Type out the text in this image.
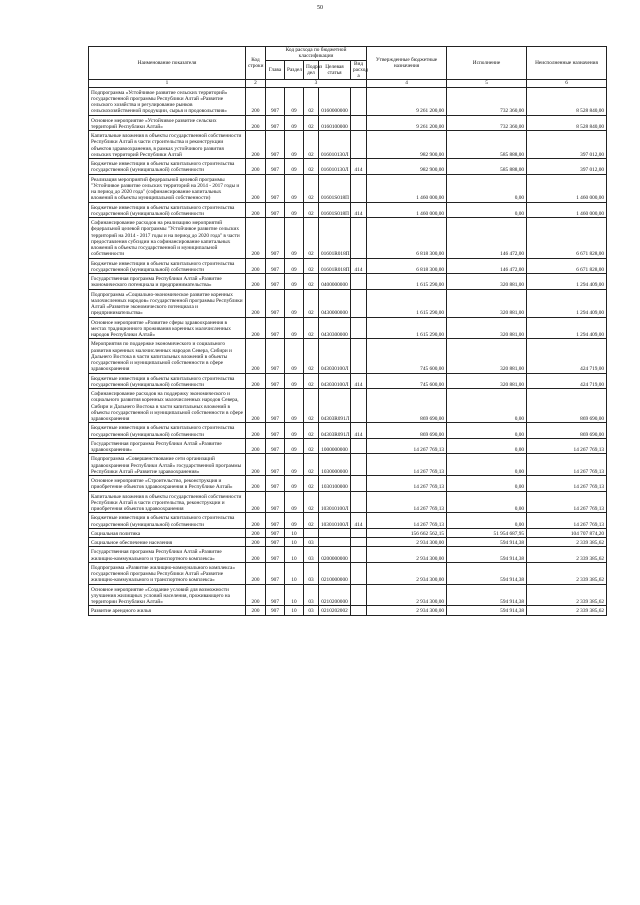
50
Наименование показателя	Код строки	Код расхода по бюджетной классификации					Утвержденные бюджетные назначения	Исполнение	Неисполненные назначения
		Глава	Раздел	Подраз дел	Целевая статья	Вид расход а			
1	2	3					4	5	6
Подпрограмма «Устойчивое развитие сельских территорий» государственной программы Республики Алтай «Развитие сельского хозяйства и регулирование рынков сельскохозяйственной продукции, сырья и продовольствия»	200	907	09	02	0160000000		9 261 200,00	732 360,00	8 528 840,00
Основное мероприятие «Устойчивое развитие сельских территорий Республики Алтай»	200	907	09	02	0160100000		9 261 200,00	732 360,00	8 528 840,00
Капитальные вложения в объекты государственной собственности Республики Алтай в части строительства и реконструкции объектов здравоохранения, в рамках устойчивого развития сельских территорий Республики Алтай	200	907	09	02	016010130Л		982 900,00	585 888,00	397 012,00
Бюджетные инвестиции в объекты капитального строительства государственной (муниципальной) собственности	200	907	09	02	016010130Л	414	982 900,00	585 888,00	397 012,00
Реализация мероприятий федеральной целевой программы "Устойчивое развитие сельских территорий на 2014 - 2017 годы и на период до 2020 года" (софинансирование капитальных вложений в объекты муниципальной собственности)	200	907	09	02	01601S018П		1 460 000,00	0,00	1 460 000,00
Бюджетные инвестиции в объекты капитального строительства государственной (муниципальной) собственности	200	907	09	02	01601S018П	414	1 460 000,00	0,00	1 460 000,00
Софинансирование расходов на реализацию мероприятий федеральной целевой программы "Устойчивое развитие сельских территорий на 2014 - 2017 годы и на период до 2020 года" в части предоставления субсидии на софинансирование капитальных вложений в объекты государственной и муниципальной собственности	200	907	09	02	01601R018П		6 818 300,00	146 472,00	6 671 828,00
Бюджетные инвестиции в объекты капитального строительства государственной (муниципальной) собственности	200	907	09	02	01601R018П	414	6 818 300,00	146 472,00	6 671 828,00
Государственная программа Республики Алтай «Развитие экономического потенциала и предпринимательства»	200	907	09	02	0400000000		1 615 290,00	320 881,00	1 294 409,00
Подпрограмма «Социально-экономическое развитие коренных малочисленных народов» государственной программы Республики Алтай «Развитие экономического потенциала и предпринимательства»	200	907	09	02	0430000000		1 615 290,00	320 881,00	1 294 409,00
Основное мероприятие «Развитие сферы здравоохранения в местах традиционного проживания коренных малочисленных народов Республики Алтай»	200	907	09	02	0430300000		1 615 290,00	320 881,00	1 294 409,00
Мероприятия по поддержке экономического и социального развития коренных малочисленных народов Севера, Сибири и Дальнего Востока в части капитальных вложений в объекты государственной и муниципальной собственности в сфере здравоохранения	200	907	09	02	043030100Л		745 600,00	320 881,00	424 719,00
Бюджетные инвестиции в объекты капитального строительства государственной (муниципальной) собственности	200	907	09	02	043030100Л	414	745 600,00	320 881,00	424 719,00
Софинансирование расходов на поддержку экономического и социального развития коренных малочисленных народов Севера, Сибири и Дальнего Востока в части капитальных вложений в объекты государственной и муниципальной собственности в сфере здравоохранения	200	907	09	02	04303R091Л		869 690,00	0,00	869 690,00
Бюджетные инвестиции в объекты капитального строительства государственной (муниципальной) собственности	200	907	09	02	04303R091Л	414	869 690,00	0,00	869 690,00
Государственная программа Республики Алтай «Развитие здравоохранения»	200	907	09	02	1000000000		14 267 769,13	0,00	14 267 769,13
Подпрограмма «Совершенствование сети организаций здравоохранения Республики Алтай» государственной программы Республики Алтай «Развитие здравоохранения»	200	907	09	02	1030000000		14 267 769,13	0,00	14 267 769,13
Основное мероприятие «Строительство, реконструкция и приобретение объектов здравоохранения в Республике Алтай»	200	907	09	02	1030100000		14 267 769,13	0,00	14 267 769,13
Капитальные вложения в объекты государственной собственности Республики Алтай в части строительства, реконструкции и приобретения объектов здравоохранения	200	907	09	02	103010100Л		14 267 769,13	0,00	14 267 769,13
Бюджетные инвестиции в объекты капитального строительства государственной (муниципальной) собственности	200	907	09	02	103010100Л	414	14 267 769,13	0,00	14 267 769,13
Социальная политика	200	907	10				156 662 562,15	51 954 687,95	104 707 874,20
Социальное обеспечение населения	200	907	10	03			2 934 300,00	594 914,38	2 339 385,62
Государственная программа Республики Алтай «Развитие жилищно-коммунального и транспортного комплекса»	200	907	10	03	0200000000		2 934 300,00	594 914,38	2 339 385,62
Подпрограмма «Развитие жилищно-коммунального комплекса» государственной программы Республики Алтай «Развитие жилищно-коммунального и транспортного комплекса»	200	907	10	03	0210000000		2 934 300,00	594 914,38	2 339 385,62
Основное мероприятие «Создание условий для возможности улучшения жилищных условий населения, проживающего на территории Республики Алтай»	200	907	10	03	0210200000		2 934 300,00	594 914,38	2 339 385,62
Развитие арендного жилья	200	907	10	03	0210202002		2 934 300,00	594 914,38	2 339 385,62
